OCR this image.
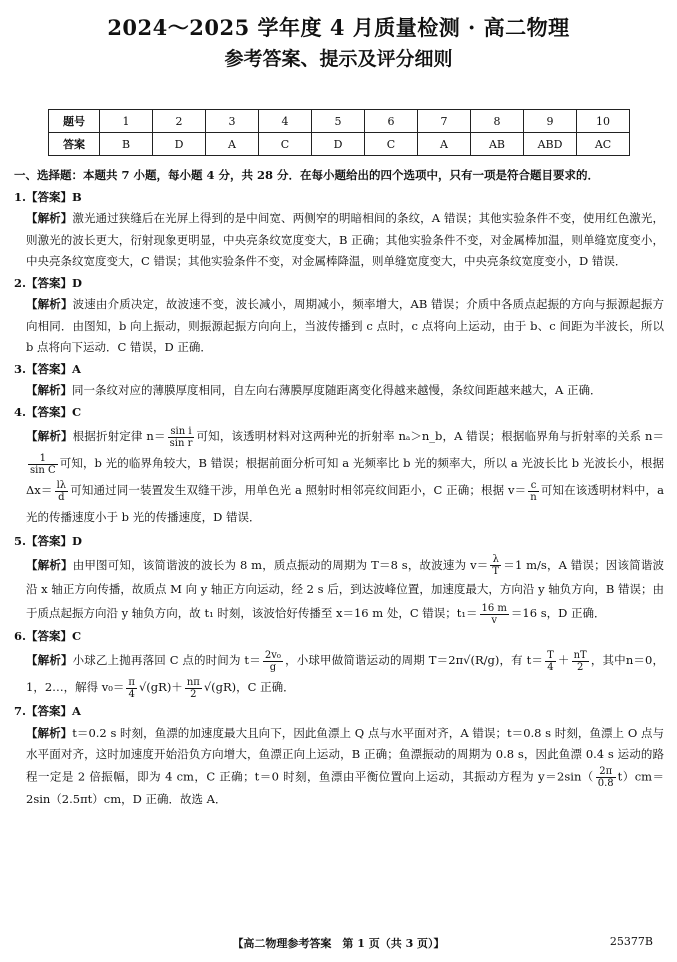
2024～2025 学年度 4 月质量检测 · 高二物理
参考答案、提示及评分细则
题号	1	2	3	4	5	6	7	8	9	10
答案	B	D	A	C	D	C	A	AB	ABD	AC

一、选择题：本题共 7 小题，每小题 4 分，共 28 分．在每小题给出的四个选项中，只有一项是符合题目要求的．

1.【答案】B

【解析】激光通过狭缝后在光屏上得到的是中间宽、两侧窄的明暗相间的条纹，A 错误；其他实验条件不变，使用红色激光，则激光的波长更大，衍射现象更明显，中央亮条纹宽度变大，B 正确；其他实验条件不变，对金属棒加温，则单缝宽度变小，中央亮条纹宽度变大，C 错误；其他实验条件不变，对金属棒降温，则单缝宽度变大，中央亮条纹宽度变小，D 错误．

2.【答案】D

【解析】波速由介质决定，故波速不变，波长减小，周期减小，频率增大，AB 错误；介质中各质点起振的方向与振源起振方向相同．由图知，b 向上振动，则振源起振方向向上，当波传播到 c 点时，c 点将向上运动，由于 b、c 间距为半波长，所以 b 点将向下运动．C 错误，D 正确．

3.【答案】A

【解析】同一条纹对应的薄膜厚度相同，自左向右薄膜厚度随距离变化得越来越慢，条纹间距越来越大，A 正确．

4.【答案】C

【解析】根据折射定律 $n= \frac{\text{sin i}}{\text{sin r}}$ 可知，该透明材料对这两种光的折射率 nₐ＞n_b，A 错误；根据临界角与折射率的关系 n＝
$\frac{1}{\text{sin C}}$ 可知，b 光的临界角较大，B 错误；根据前面分析可知 a 光频率比 b 光的频率大，所以 a 光波长比 b 光波长小，根据 $\Delta x= \frac{l\lambda}{d}$ 可知通过同一装置发生双缝干涉，用单色光 a 照射时相邻亮纹间距小，C 正确；根据 $v= \frac{c}{n}$ 可知在该透明材料中，a 光的传播速度小于 b 光的传播速度，D 错误．

5.【答案】D

【解析】由甲图可知，该简谐波的波长为 8 m，质点振动的周期为 T＝8 s，故波速为 $v= \frac{\lambda}{T} =1$ m/s，A 错误；因该简谐波沿 x 轴正方向传播，故质点 M 向 y 轴正方向运动，经 2 s 后，到达波峰位置，加速度最大，方向沿 y 轴负方向，B 错误；由于质点起振方向沿 y 轴负方向，故 t₁ 时刻，该波恰好传播至 x＝16 m 处，C 错误；$t_1= \frac{16 m}{v} =16$ s，D 正确．

6.【答案】C

【解析】小球乙上抛再落回 C 点的时间为 $t= \frac{\text{2v₀}}{g}$ ，小球甲做简谐运动的周期 T＝2π√(R/g)，有 $t= \frac{T}{4} + \frac{nT}{2}$ ，其中n＝0，1，2…，解得 $v_0= \frac{\pi}{4} √(gR)+ \frac{n\pi}{2} √(gR)$，C 正确．

7.【答案】A

【解析】t＝0.2 s 时刻，鱼漂的加速度最大且向下，因此鱼漂上 Q 点与水平面对齐，A 错误；t＝0.8 s 时刻，鱼漂上 O 点与水平面对齐，这时加速度开始沿负方向增大，鱼漂正向上运动，B 正确；鱼漂振动的周期为 0.8 s，因此鱼漂 0.4 s 运动的路程一定是 2 倍振幅，即为 4 cm，C 正确；t＝0 时刻，鱼漂由平衡位置向上运动，其振动方程为 $y=2\sin( \frac{2\pi}{0.8} t)cm=2\sin(2.5\pi t)cm$，D 正确．故选 A．

【高二物理参考答案　第 1 页（共 3 页）】	25377B
